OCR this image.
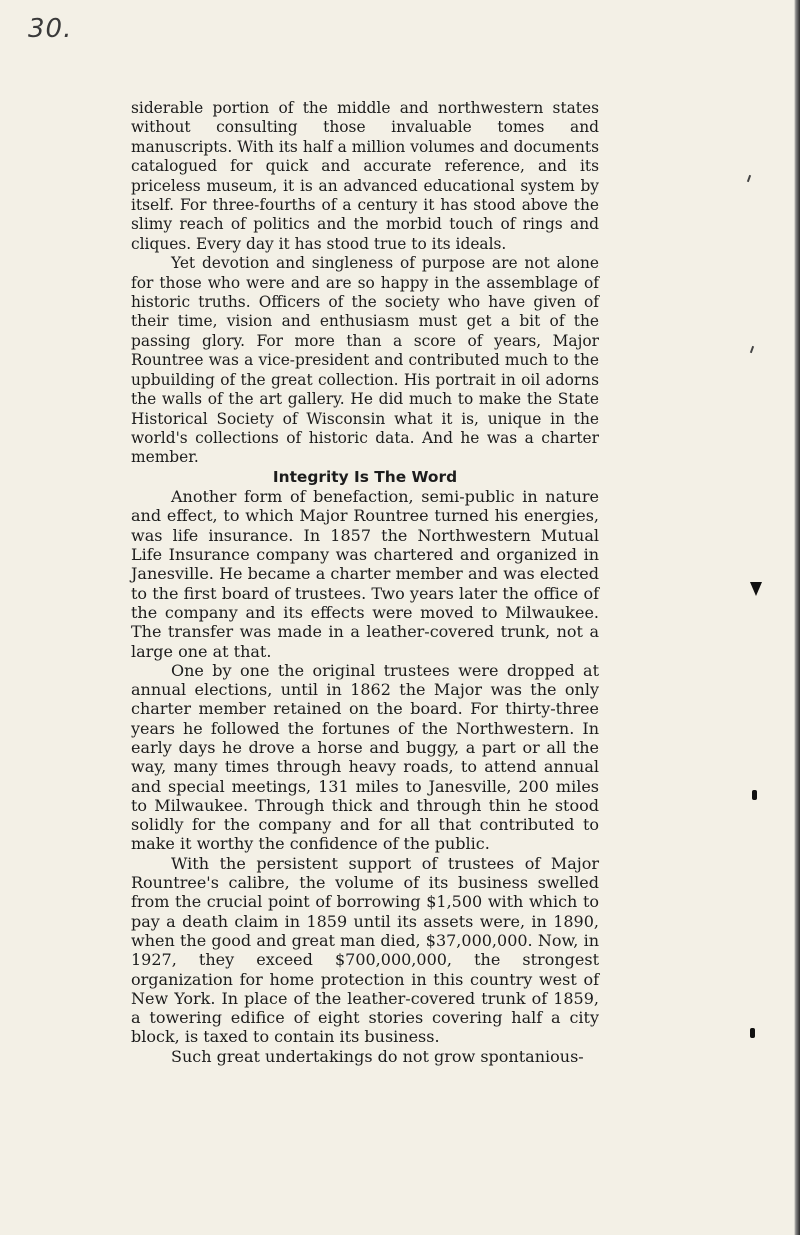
30.

siderable portion of the middle and northwestern states without consulting those invaluable tomes and manuscripts. With its half a million volumes and documents catalogued for quick and accurate reference, and its priceless museum, it is an advanced educational system by itself. For three-fourths of a century it has stood above the slimy reach of politics and the morbid touch of rings and cliques. Every day it has stood true to its ideals.

Yet devotion and singleness of purpose are not alone for those who were and are so happy in the assemblage of historic truths. Officers of the society who have given of their time, vision and enthusiasm must get a bit of the passing glory. For more than a score of years, Major Rountree was a vice-president and contributed much to the upbuilding of the great collection. His portrait in oil adorns the walls of the art gallery. He did much to make the State Historical Society of Wisconsin what it is, unique in the world's collections of historic data. And he was a charter member.

Integrity Is The Word

Another form of benefaction, semi-public in nature and effect, to which Major Rountree turned his energies, was life insurance. In 1857 the Northwestern Mutual Life Insurance company was chartered and organized in Janesville. He became a charter member and was elected to the first board of trustees. Two years later the office of the company and its effects were moved to Milwaukee. The transfer was made in a leather-covered trunk, not a large one at that.

One by one the original trustees were dropped at annual elections, until in 1862 the Major was the only charter member retained on the board. For thirty-three years he followed the fortunes of the Northwestern. In early days he drove a horse and buggy, a part or all the way, many times through heavy roads, to attend annual and special meetings, 131 miles to Janesville, 200 miles to Milwaukee. Through thick and through thin he stood solidly for the company and for all that contributed to make it worthy the confidence of the public.

With the persistent support of trustees of Major Rountree's calibre, the volume of its business swelled from the crucial point of borrowing $1,500 with which to pay a death claim in 1859 until its assets were, in 1890, when the good and great man died, $37,000,000. Now, in 1927, they exceed $700,000,000, the strongest organization for home protection in this country west of New York. In place of the leather-covered trunk of 1859, a towering edifice of eight stories covering half a city block, is taxed to contain its business.

Such great undertakings do not grow spontanious-
